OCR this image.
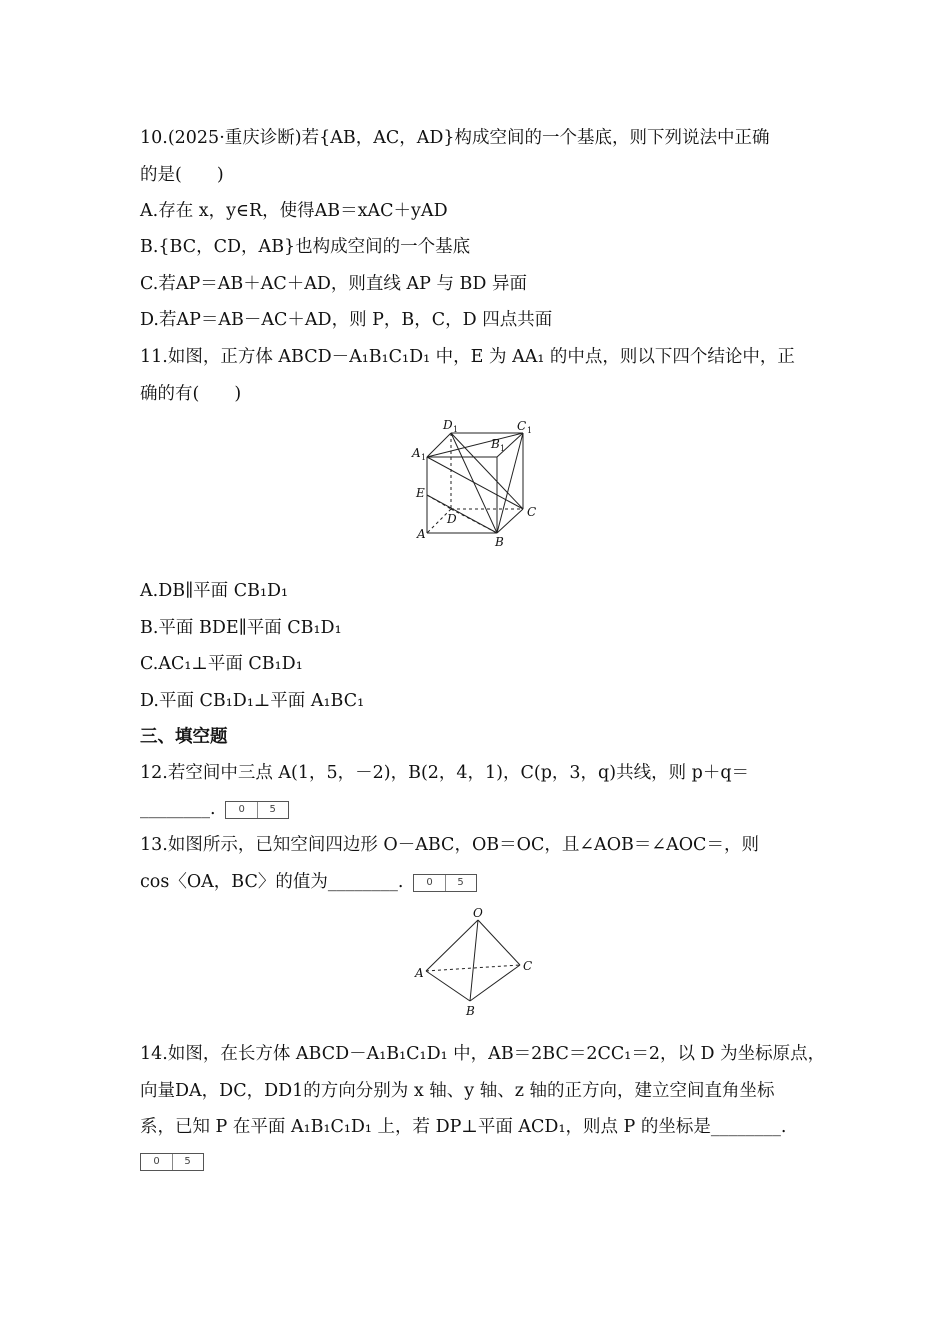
10.(2025·重庆诊断)若{AB，AC，AD}构成空间的一个基底，则下列说法中正确
的是(　　)
A.存在 x，y∈R，使得AB＝xAC＋yAD
B.{BC，CD，AB}也构成空间的一个基底
C.若AP＝AB＋AC＋AD，则直线 AP 与 BD 异面
D.若AP＝AB－AC＋AD，则 P，B，C，D 四点共面
11.如图，正方体 ABCD－A₁B₁C₁D₁ 中，E 为 AA₁ 的中点，则以下四个结论中，正
确的有(　　)
D 1	C 1
A 1
B 1
E
D	C
A
B
A.DB∥平面 CB₁D₁
B.平面 BDE∥平面 CB₁D₁
C.AC₁⊥平面 CB₁D₁
D.平面 CB₁D₁⊥平面 A₁BC₁
三、填空题
12.若空间中三点 A(1，5，－2)，B(2，4，1)，C(p，3，q)共线，则 p＋q＝
________.	0	5
13.如图所示，已知空间四边形 O－ABC，OB＝OC，且∠AOB＝∠AOC＝，则
cos〈OA，BC〉的值为________.	0	5
O
A
B
C
14.如图，在长方体 ABCD－A₁B₁C₁D₁ 中，AB＝2BC＝2CC₁＝2，以 D 为坐标原点，
向量DA，DC，DD1的方向分别为 x 轴、y 轴、z 轴的正方向，建立空间直角坐标
系，已知 P 在平面 A₁B₁C₁D₁ 上，若 DP⊥平面 ACD₁，则点 P 的坐标是________.
0	5
